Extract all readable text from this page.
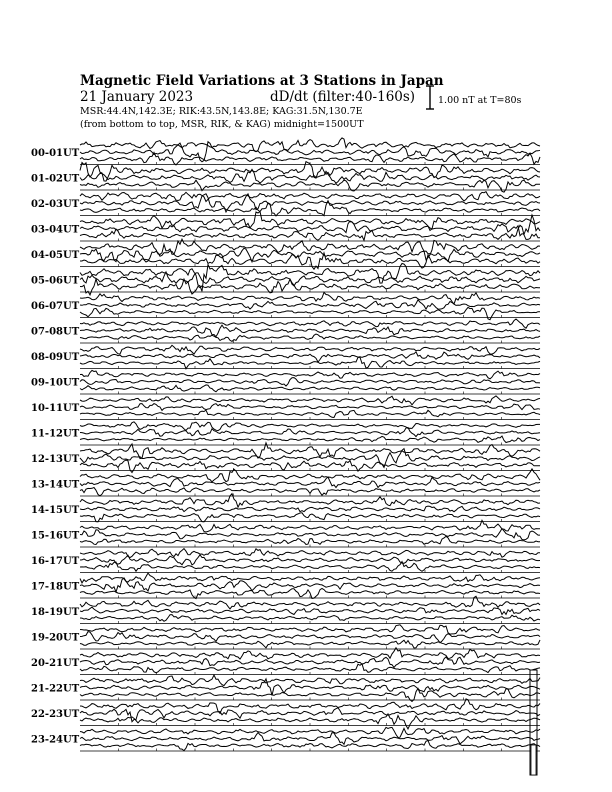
Magnetic Field Variations at 3 Stations in Japan
21 January 2023	dD/dt (filter:40-160s)
MSR:44.4N,142.3E; RIK:43.5N,143.8E; KAG:31.5N,130.7E
(from bottom to top, MSR, RIK, & KAG) midnight=1500UT
1.00 nT at T=80s
00-01UT
01-02UT
02-03UT
03-04UT
04-05UT
05-06UT
06-07UT
07-08UT
08-09UT
09-10UT
10-11UT
11-12UT
12-13UT
13-14UT
14-15UT
15-16UT
16-17UT
17-18UT
18-19UT
19-20UT
20-21UT
21-22UT
22-23UT
23-24UT
